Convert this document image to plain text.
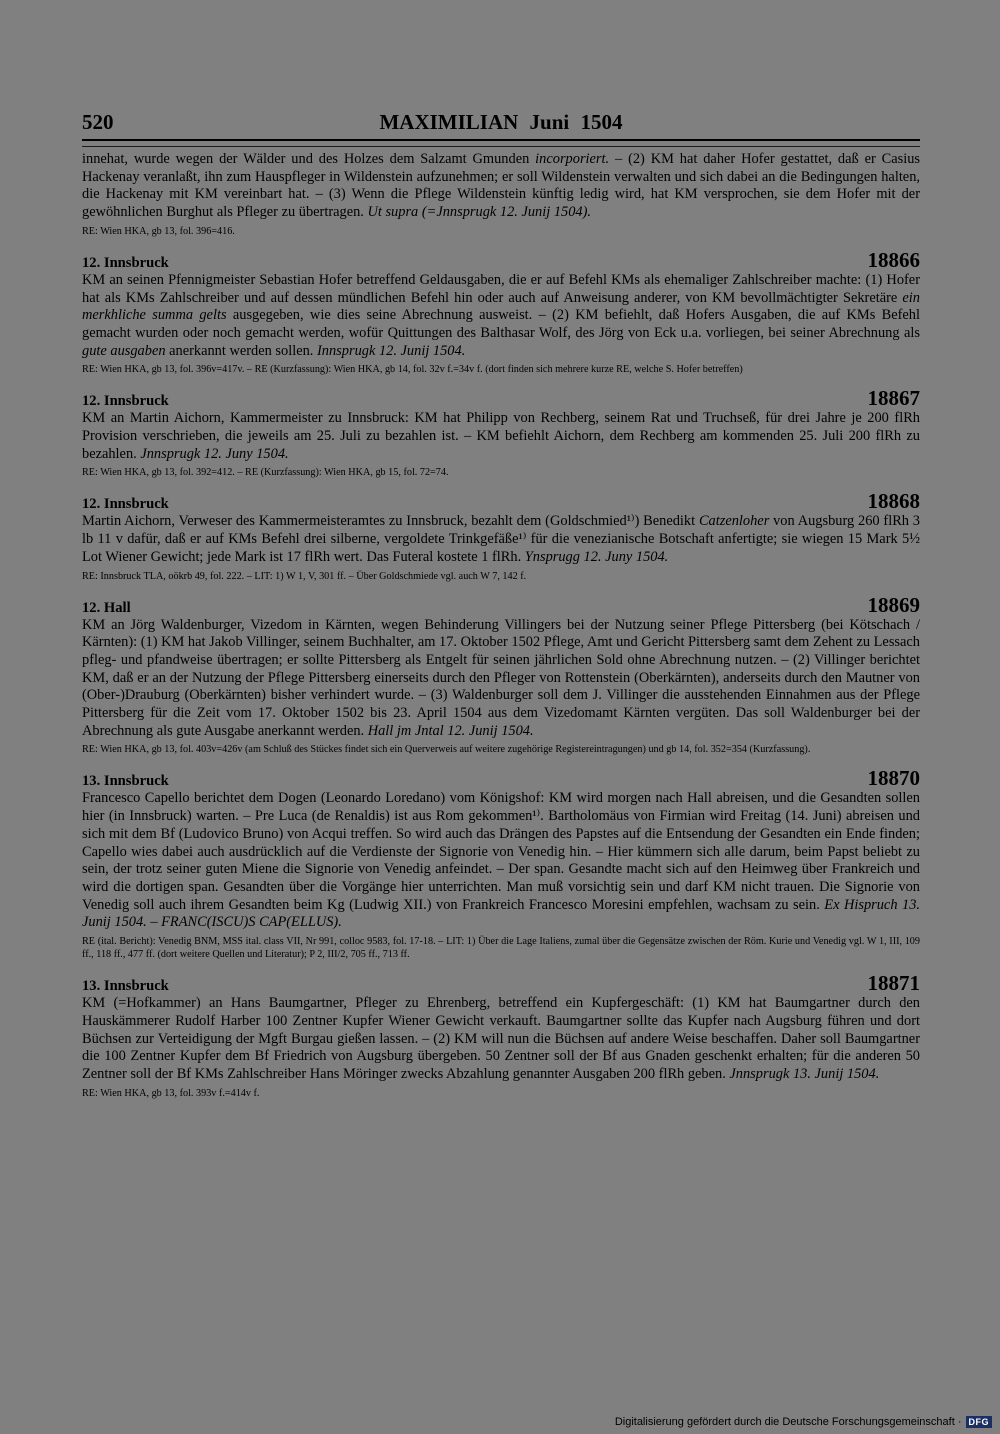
520	MAXIMILIAN Juni 1504

innehat, wurde wegen der Wälder und des Holzes dem Salzamt Gmunden incorporiert. – (2) KM hat daher Hofer gestattet, daß er Casius Hackenay veranlaßt, ihn zum Hauspfleger in Wildenstein aufzunehmen; er soll Wildenstein verwalten und sich dabei an die Bedingungen halten, die Hackenay mit KM vereinbart hat. – (3) Wenn die Pflege Wildenstein künftig ledig wird, hat KM versprochen, sie dem Hofer mit der gewöhnlichen Burghut als Pfleger zu übertragen. Ut supra (=Jnnsprugk 12. Junij 1504).

RE: Wien HKA, gb 13, fol. 396=416.

12. Innsbruck	18866

KM an seinen Pfennigmeister Sebastian Hofer betreffend Geldausgaben, die er auf Befehl KMs als ehemaliger Zahlschreiber machte: (1) Hofer hat als KMs Zahlschreiber und auf dessen mündlichen Befehl hin oder auch auf Anweisung anderer, von KM bevollmächtigter Sekretäre ein merkhliche summa gelts ausgegeben, wie dies seine Abrechnung ausweist. – (2) KM befiehlt, daß Hofers Ausgaben, die auf KMs Befehl gemacht wurden oder noch gemacht werden, wofür Quittungen des Balthasar Wolf, des Jörg von Eck u.a. vorliegen, bei seiner Abrechnung als gute ausgaben anerkannt werden sollen. Innsprugk 12. Junij 1504.

RE: Wien HKA, gb 13, fol. 396v=417v. – RE (Kurzfassung): Wien HKA, gb 14, fol. 32v f.=34v f. (dort finden sich mehrere kurze RE, welche S. Hofer betreffen)

12. Innsbruck	18867

KM an Martin Aichorn, Kammermeister zu Innsbruck: KM hat Philipp von Rechberg, seinem Rat und Truchseß, für drei Jahre je 200 flRh Provision verschrieben, die jeweils am 25. Juli zu bezahlen ist. – KM befiehlt Aichorn, dem Rechberg am kommenden 25. Juli 200 flRh zu bezahlen. Jnnsprugk 12. Juny 1504.

RE: Wien HKA, gb 13, fol. 392=412. – RE (Kurzfassung): Wien HKA, gb 15, fol. 72=74.

12. Innsbruck	18868

Martin Aichorn, Verweser des Kammermeisteramtes zu Innsbruck, bezahlt dem (Goldschmied¹⁾) Benedikt Catzenloher von Augsburg 260 flRh 3 lb 11 v dafür, daß er auf KMs Befehl drei silberne, vergoldete Trinkgefäße¹⁾ für die venezianische Botschaft anfertigte; sie wiegen 15 Mark 5½ Lot Wiener Gewicht; jede Mark ist 17 flRh wert. Das Futeral kostete 1 flRh. Ynsprugg 12. Juny 1504.

RE: Innsbruck TLA, oökrb 49, fol. 222. – LIT: 1) W 1, V, 301 ff. – Über Goldschmiede vgl. auch W 7, 142 f.

12. Hall	18869

KM an Jörg Waldenburger, Vizedom in Kärnten, wegen Behinderung Villingers bei der Nutzung seiner Pflege Pittersberg (bei Kötschach / Kärnten): (1) KM hat Jakob Villinger, seinem Buchhalter, am 17. Oktober 1502 Pflege, Amt und Gericht Pittersberg samt dem Zehent zu Lessach pfleg- und pfandweise übertragen; er sollte Pittersberg als Entgelt für seinen jährlichen Sold ohne Abrechnung nutzen. – (2) Villinger berichtet KM, daß er an der Nutzung der Pflege Pittersberg einerseits durch den Pfleger von Rottenstein (Oberkärnten), anderseits durch den Mautner von (Ober-)Drauburg (Oberkärnten) bisher verhindert wurde. – (3) Waldenburger soll dem J. Villinger die ausstehenden Einnahmen aus der Pflege Pittersberg für die Zeit vom 17. Oktober 1502 bis 23. April 1504 aus dem Vizedomamt Kärnten vergüten. Das soll Waldenburger bei der Abrechnung als gute Ausgabe anerkannt werden. Hall jm Jntal 12. Junij 1504.

RE: Wien HKA, gb 13, fol. 403v=426v (am Schluß des Stückes findet sich ein Querverweis auf weitere zugehörige Registereintragungen) und gb 14, fol. 352=354 (Kurzfassung).

13. Innsbruck	18870

Francesco Capello berichtet dem Dogen (Leonardo Loredano) vom Königshof: KM wird morgen nach Hall abreisen, und die Gesandten sollen hier (in Innsbruck) warten. – Pre Luca (de Renaldis) ist aus Rom gekommen¹⁾. Bartholomäus von Firmian wird Freitag (14. Juni) abreisen und sich mit dem Bf (Ludovico Bruno) von Acqui treffen. So wird auch das Drängen des Papstes auf die Entsendung der Gesandten ein Ende finden; Capello wies dabei auch ausdrücklich auf die Verdienste der Signorie von Venedig hin. – Hier kümmern sich alle darum, beim Papst beliebt zu sein, der trotz seiner guten Miene die Signorie von Venedig anfeindet. – Der span. Gesandte macht sich auf den Heimweg über Frankreich und wird die dortigen span. Gesandten über die Vorgänge hier unterrichten. Man muß vorsichtig sein und darf KM nicht trauen. Die Signorie von Venedig soll auch ihrem Gesandten beim Kg (Ludwig XII.) von Frankreich Francesco Moresini empfehlen, wachsam zu sein. Ex Hispruch 13. Junij 1504. – FRANC(ISCU)S CAP(ELLUS).

RE (ital. Bericht): Venedig BNM, MSS ital. class VII, Nr 991, colloc 9583, fol. 17-18. – LIT: 1) Über die Lage Italiens, zumal über die Gegensätze zwischen der Röm. Kurie und Venedig vgl. W 1, III, 109 ff., 118 ff., 477 ff. (dort weitere Quellen und Literatur); P 2, III/2, 705 ff., 713 ff.

13. Innsbruck	18871

KM (=Hofkammer) an Hans Baumgartner, Pfleger zu Ehrenberg, betreffend ein Kupfergeschäft: (1) KM hat Baumgartner durch den Hauskämmerer Rudolf Harber 100 Zentner Kupfer Wiener Gewicht verkauft. Baumgartner sollte das Kupfer nach Augsburg führen und dort Büchsen zur Verteidigung der Mgft Burgau gießen lassen. – (2) KM will nun die Büchsen auf andere Weise beschaffen. Daher soll Baumgartner die 100 Zentner Kupfer dem Bf Friedrich von Augsburg übergeben. 50 Zentner soll der Bf aus Gnaden geschenkt erhalten; für die anderen 50 Zentner soll der Bf KMs Zahlschreiber Hans Möringer zwecks Abzahlung genannter Ausgaben 200 flRh geben. Jnnsprugk 13. Junij 1504.

RE: Wien HKA, gb 13, fol. 393v f.=414v f.

Digitalisierung gefördert durch die Deutsche Forschungsgemeinschaft · DFG
